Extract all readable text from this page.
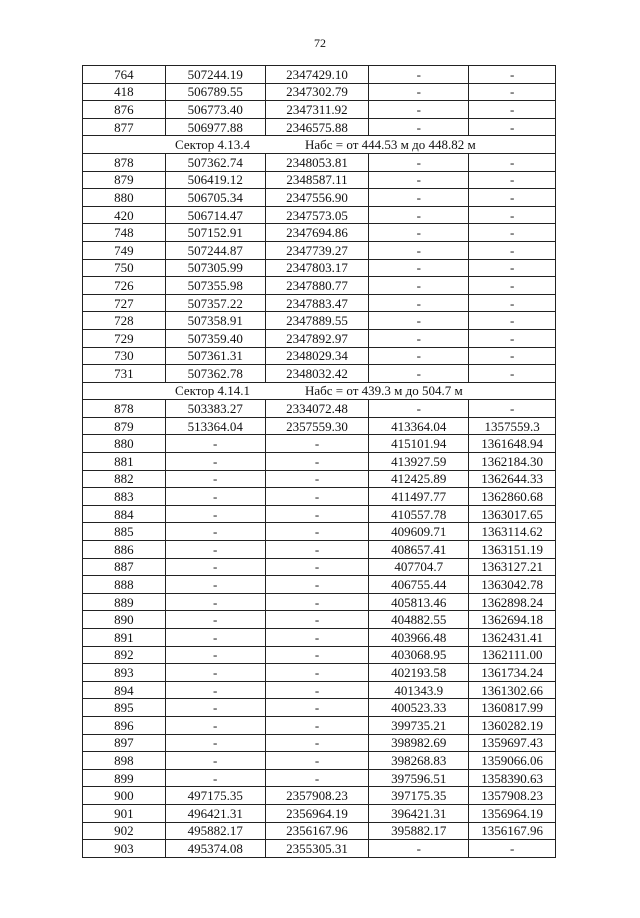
72
764	507244.19	2347429.10	-	-
418	506789.55	2347302.79	-	-
876	506773.40	2347311.92	-	-
877	506977.88	2346575.88	-	-
Сектор 4.13.4 Набс = от 444.53 м до 448.82 м				
878	507362.74	2348053.81	-	-
879	506419.12	2348587.11	-	-
880	506705.34	2347556.90	-	-
420	506714.47	2347573.05	-	-
748	507152.91	2347694.86	-	-
749	507244.87	2347739.27	-	-
750	507305.99	2347803.17	-	-
726	507355.98	2347880.77	-	-
727	507357.22	2347883.47	-	-
728	507358.91	2347889.55	-	-
729	507359.40	2347892.97	-	-
730	507361.31	2348029.34	-	-
731	507362.78	2348032.42	-	-
Сектор 4.14.1 Набс = от 439.3 м до 504.7 м				
878	503383.27	2334072.48	-	-
879	513364.04	2357559.30	413364.04	1357559.3
880	-	-	415101.94	1361648.94
881	-	-	413927.59	1362184.30
882	-	-	412425.89	1362644.33
883	-	-	411497.77	1362860.68
884	-	-	410557.78	1363017.65
885	-	-	409609.71	1363114.62
886	-	-	408657.41	1363151.19
887	-	-	407704.7	1363127.21
888	-	-	406755.44	1363042.78
889	-	-	405813.46	1362898.24
890	-	-	404882.55	1362694.18
891	-	-	403966.48	1362431.41
892	-	-	403068.95	1362111.00
893	-	-	402193.58	1361734.24
894	-	-	401343.9	1361302.66
895	-	-	400523.33	1360817.99
896	-	-	399735.21	1360282.19
897	-	-	398982.69	1359697.43
898	-	-	398268.83	1359066.06
899	-	-	397596.51	1358390.63
900	497175.35	2357908.23	397175.35	1357908.23
901	496421.31	2356964.19	396421.31	1356964.19
902	495882.17	2356167.96	395882.17	1356167.96
903	495374.08	2355305.31	-	-
